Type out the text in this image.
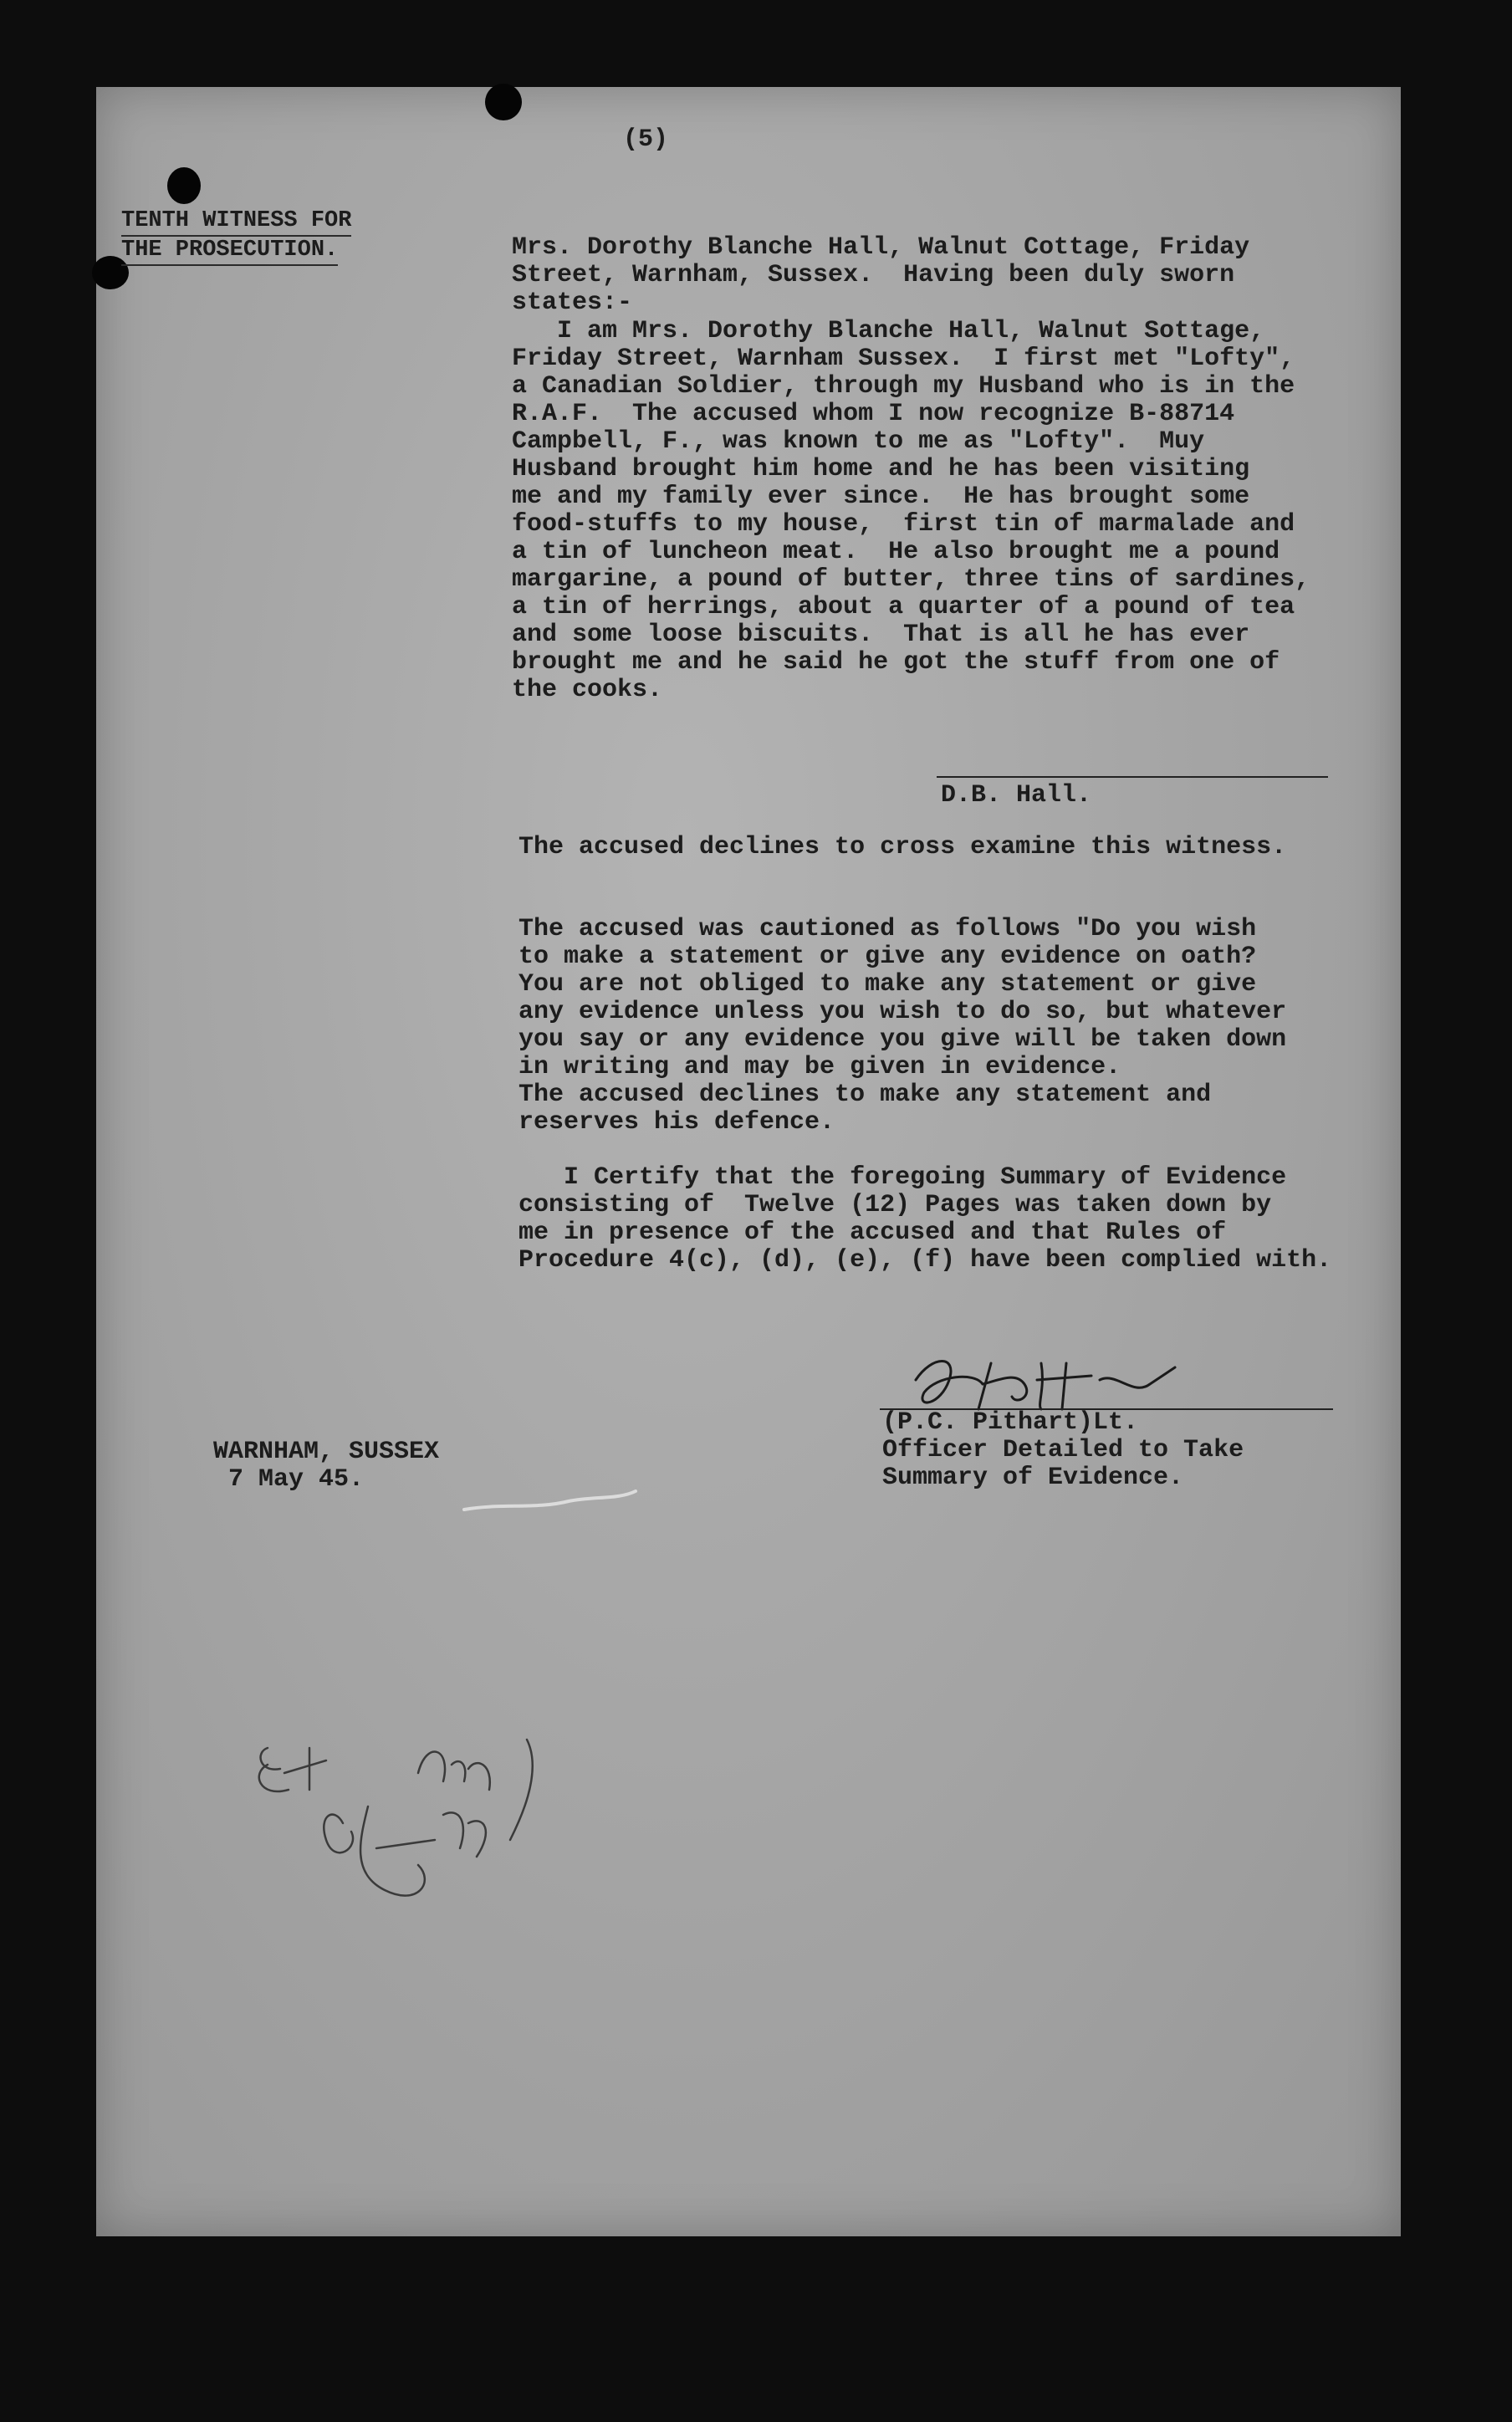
(5)
TENTH WITNESS FOR
THE PROSECUTION.	Mrs. Dorothy Blanche Hall, Walnut Cottage, Friday
Street, Warnham, Sussex.  Having been duly sworn
states:-
I am Mrs. Dorothy Blanche Hall, Walnut Sottage,
Friday Street, Warnham Sussex.  I first met "Lofty",
a Canadian Soldier, through my Husband who is in the
R.A.F.  The accused whom I now recognize B-88714
Campbell, F., was known to me as "Lofty".  Muy
Husband brought him home and he has been visiting
me and my family ever since.  He has brought some
food-stuffs to my house,  first tin of marmalade and
a tin of luncheon meat.  He also brought me a pound
margarine, a pound of butter, three tins of sardines,
a tin of herrings, about a quarter of a pound of tea
and some loose biscuits.  That is all he has ever
brought me and he said he got the stuff from one of
the cooks.
D.B. Hall.
The accused declines to cross examine this witness.
The accused was cautioned as follows "Do you wish
to make a statement or give any evidence on oath?
You are not obliged to make any statement or give
any evidence unless you wish to do so, but whatever
you say or any evidence you give will be taken down
in writing and may be given in evidence.
The accused declines to make any statement and
reserves his defence.
I Certify that the foregoing Summary of Evidence
consisting of  Twelve (12) Pages was taken down by
me in presence of the accused and that Rules of
Procedure 4(c), (d), (e), (f) have been complied with.
(P.C. Pithart)Lt.
Officer Detailed to Take
Summary of Evidence.
WARNHAM, SUSSEX
7 May 45.
